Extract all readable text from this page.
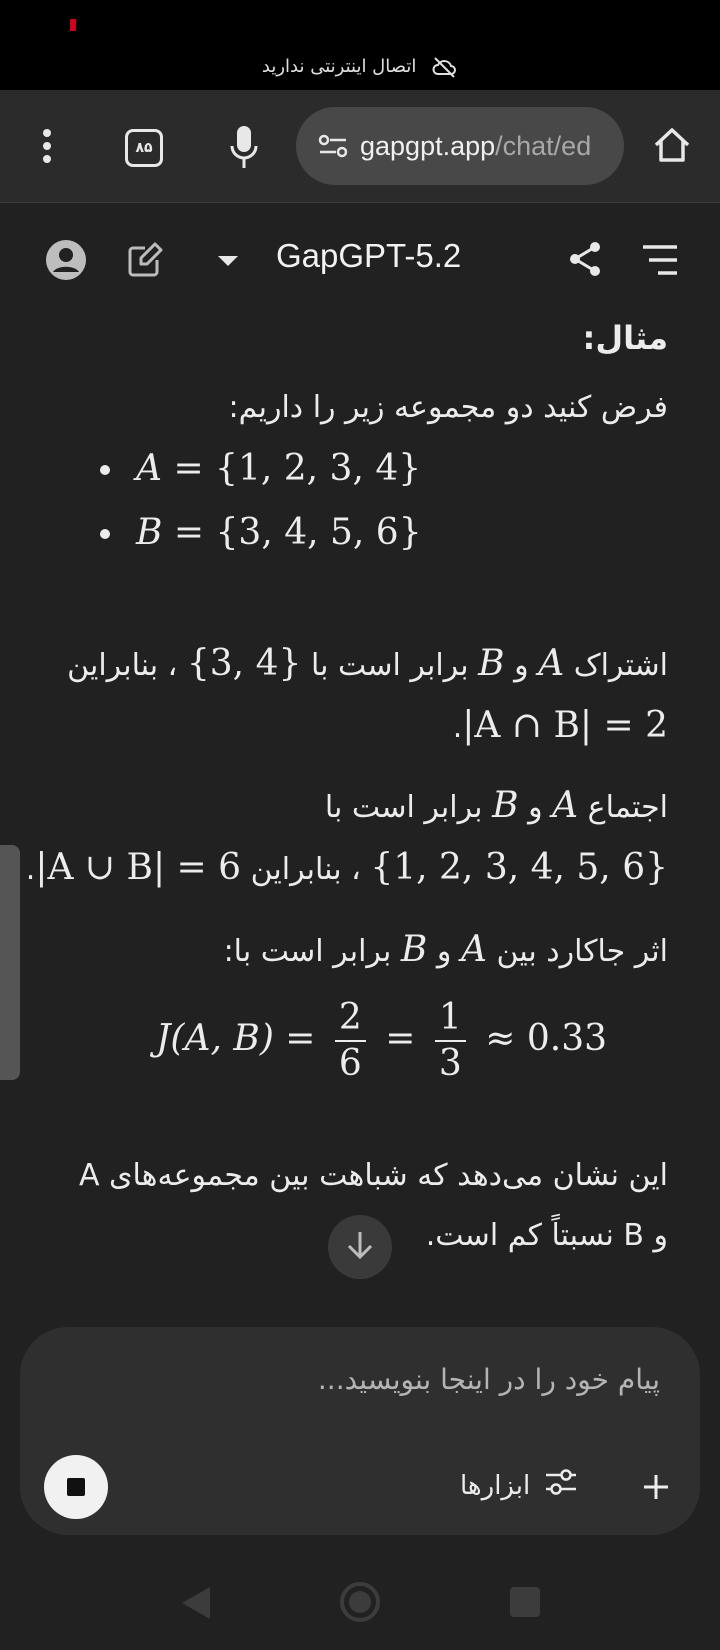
اتصال اینترنتی ندارید
۸۵	gapgpt.app/chat/ed
GapGPT-5.2
مثال:
فرض کنید دو مجموعه زیر را داریم:
A = {1, 2, 3, 4}
B = {3, 4, 5, 6}
اشتراک A و B برابر است با {3, 4} ، بنابراین
|A ∩ B| = 2.
اجتماع A و B برابر است با
{1, 2, 3, 4, 5, 6} ، بنابراین |A ∪ B| = 6.
اثر جاکارد بین A و B برابر است با:
J(A, $B) = \frac{2}{6} = \frac{1}{3} \approx 0.33$
این نشان می‌دهد که شباهت بین مجموعه‌های A
و B نسبتاً کم است.
پیام خود را در اینجا بنویسید...
ابزارها
